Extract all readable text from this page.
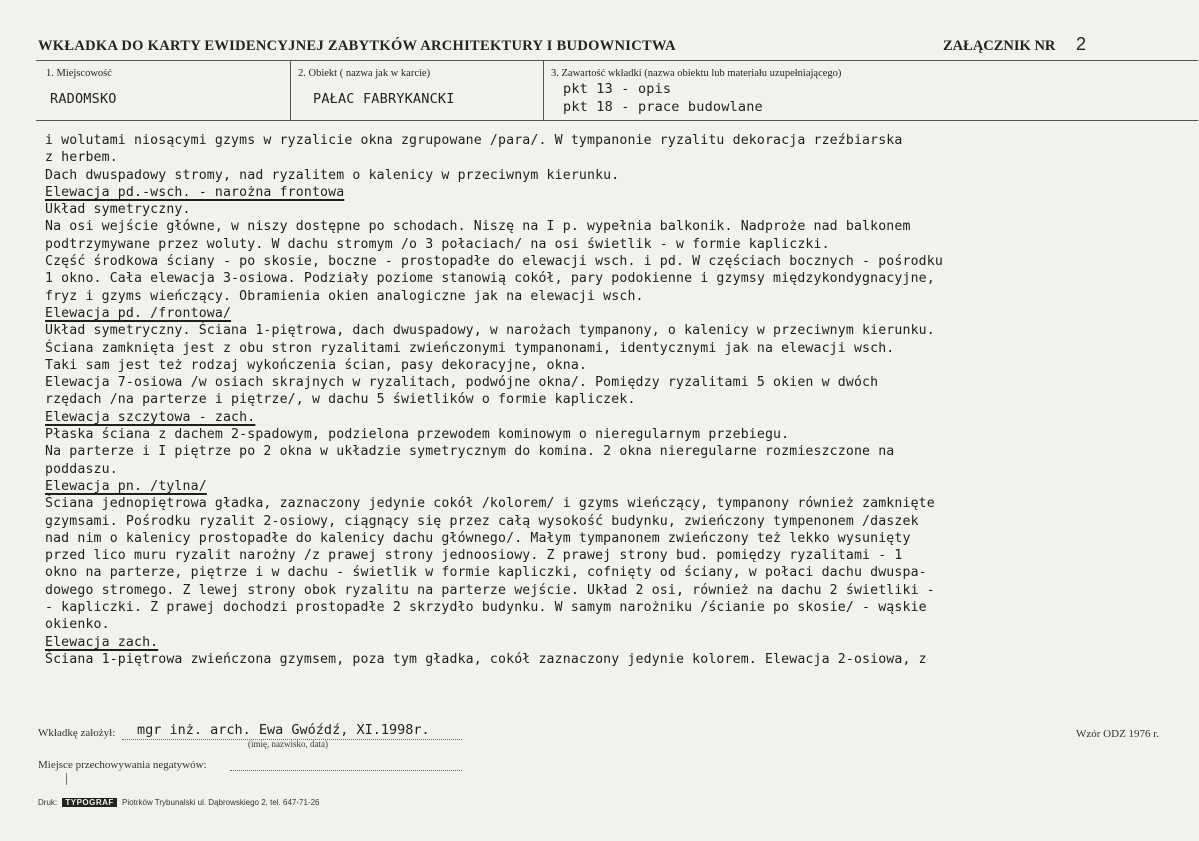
WKŁADKA DO KARTY EWIDENCYJNEJ ZABYTKÓW ARCHITEKTURY I BUDOWNICTWA	ZAŁĄCZNIK NR 2
1. Miejscowość
RADOMSKO
2. Obiekt ( nazwa jak w karcie)
PAŁAC FABRYKANCKI
3. Zawartość wkładki (nazwa obiektu lub materiału uzupełniającego)
pkt 13 - opis
pkt 18 - prace budowlane
i wolutami niosącymi gzyms w ryzalicie okna zgrupowane /para/. W tympanonie ryzalitu dekoracja rzeźbiarska
z herbem.
Dach dwuspadowy stromy, nad ryzalitem o kalenicy w przeciwnym kierunku.
Elewacja pd.-wsch. - narożna frontowa
Układ symetryczny.
Na osi wejście główne, w niszy dostępne po schodach. Niszę na I p. wypełnia balkonik. Nadproże nad balkonem
podtrzymywane przez woluty. W dachu stromym /o 3 połaciach/ na osi świetlik - w formie kapliczki.
Część środkowa ściany - po skosie, boczne - prostopadłe do elewacji wsch. i pd. W częściach bocznych - pośrodku
1 okno. Cała elewacja 3-osiowa. Podziały poziome stanowią cokół, pary podokienne i gzymsy międzykondygnacyjne,
fryz i gzyms wieńczący. Obramienia okien analogiczne jak na elewacji wsch.
Elewacja pd. /frontowa/
Układ symetryczny. Ściana 1-piętrowa, dach dwuspadowy, w narożach tympanony, o kalenicy w przeciwnym kierunku.
Ściana zamknięta jest z obu stron ryzalitami zwieńczonymi tympanonami, identycznymi jak na elewacji wsch.
Taki sam jest też rodzaj wykończenia ścian, pasy dekoracyjne, okna.
Elewacja 7-osiowa /w osiach skrajnych w ryzalitach, podwójne okna/. Pomiędzy ryzalitami 5 okien w dwóch
rzędach /na parterze i piętrze/, w dachu 5 świetlików o formie kapliczek.
Elewacja szczytowa - zach.
Płaska ściana z dachem 2-spadowym, podzielona przewodem kominowym o nieregularnym przebiegu.
Na parterze i I piętrze po 2 okna w układzie symetrycznym do komina. 2 okna nieregularne rozmieszczone na
poddaszu.
Elewacja pn. /tylna/
Ściana jednopiętrowa gładka, zaznaczony jedynie cokół /kolorem/ i gzyms wieńczący, tympanony również zamknięte
gzymsami. Pośrodku ryzalit 2-osiowy, ciągnący się przez całą wysokość budynku, zwieńczony tympenonem /daszek
nad nim o kalenicy prostopadłe do kalenicy dachu głównego/. Małym tympanonem zwieńczony też lekko wysunięty
przed lico muru ryzalit narożny /z prawej strony jednoosiowy. Z prawej strony bud. pomiędzy ryzalitami - 1
okno na parterze, piętrze i w dachu - świetlik w formie kapliczki, cofnięty od ściany, w połaci dachu dwuspa-
dowego stromego. Z lewej strony obok ryzalitu na parterze wejście. Układ 2 osi, również na dachu 2 świetliki -
- kapliczki. Z prawej dochodzi prostopadłe 2 skrzydło budynku. W samym narożniku /ścianie po skosie/ - wąskie
okienko.
Elewacja zach.
Ściana 1-piętrowa zwieńczona gzymsem, poza tym gładka, cokół zaznaczony jedynie kolorem. Elewacja 2-osiowa, z
Wkładkę założył: mgr inż. arch. Ewa Gwóźdź, XI.1998r.
(imię, nazwisko, data)
Wzór ODZ 1976 r.
Miejsce przechowywania negatywów:
Druk: TYPOGRAF Piotrków Trybunalski ul. Dąbrowskiego 2, tel. 647-71-26
